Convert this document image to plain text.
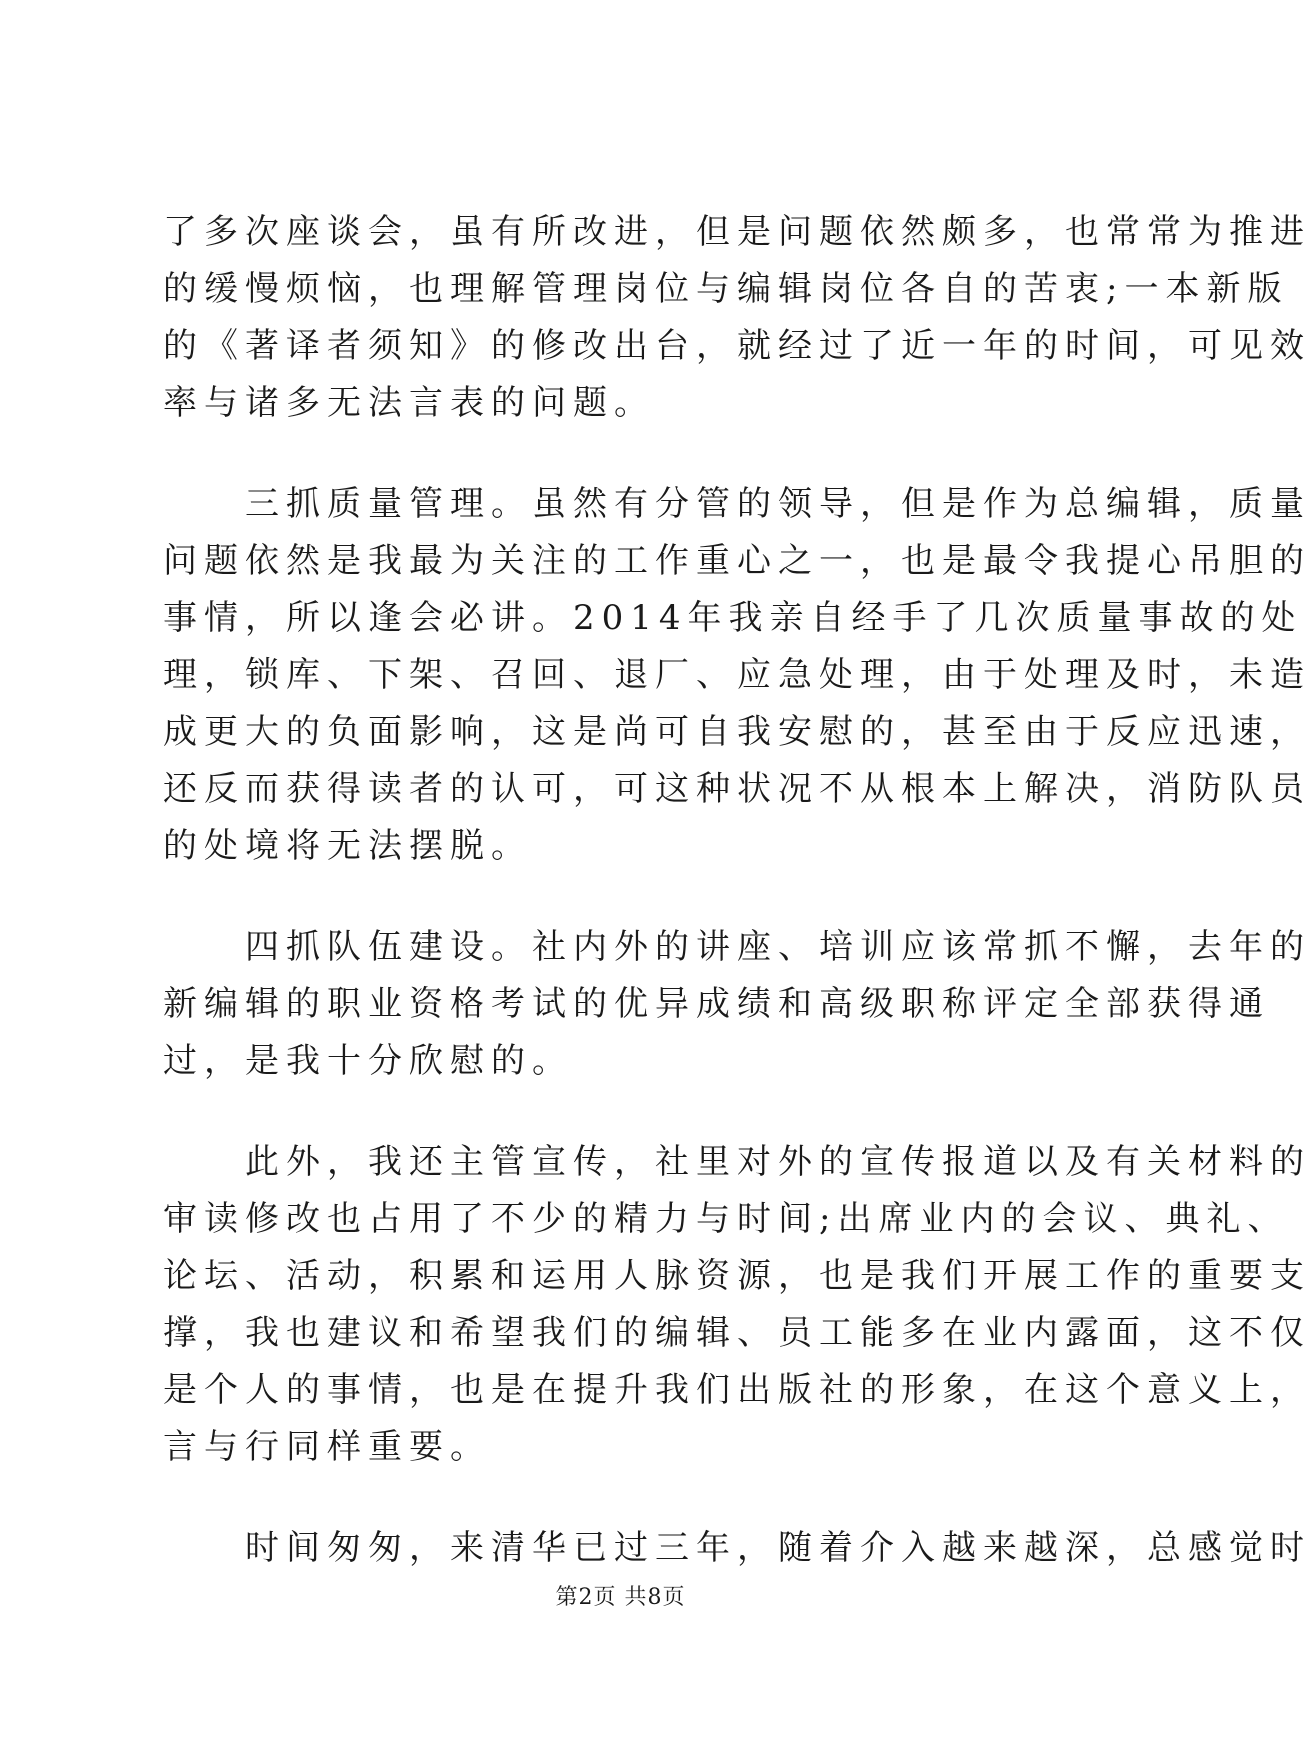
了多次座谈会，虽有所改进，但是问题依然颇多，也常常为推进
的缓慢烦恼，也理解管理岗位与编辑岗位各自的苦衷;一本新版
的《著译者须知》的修改出台，就经过了近一年的时间，可见效
率与诸多无法言表的问题。
　　三抓质量管理。虽然有分管的领导，但是作为总编辑，质量
问题依然是我最为关注的工作重心之一，也是最令我提心吊胆的
事情，所以逢会必讲。2014年我亲自经手了几次质量事故的处
理，锁库、下架、召回、退厂、应急处理，由于处理及时，未造
成更大的负面影响，这是尚可自我安慰的，甚至由于反应迅速，
还反而获得读者的认可，可这种状况不从根本上解决，消防队员
的处境将无法摆脱。
　　四抓队伍建设。社内外的讲座、培训应该常抓不懈，去年的
新编辑的职业资格考试的优异成绩和高级职称评定全部获得通
过，是我十分欣慰的。
　　此外，我还主管宣传，社里对外的宣传报道以及有关材料的
审读修改也占用了不少的精力与时间;出席业内的会议、典礼、
论坛、活动，积累和运用人脉资源，也是我们开展工作的重要支
撑，我也建议和希望我们的编辑、员工能多在业内露面，这不仅
是个人的事情，也是在提升我们出版社的形象，在这个意义上，
言与行同样重要。
　　时间匆匆，来清华已过三年，随着介入越来越深，总感觉时
第2页 共8页
